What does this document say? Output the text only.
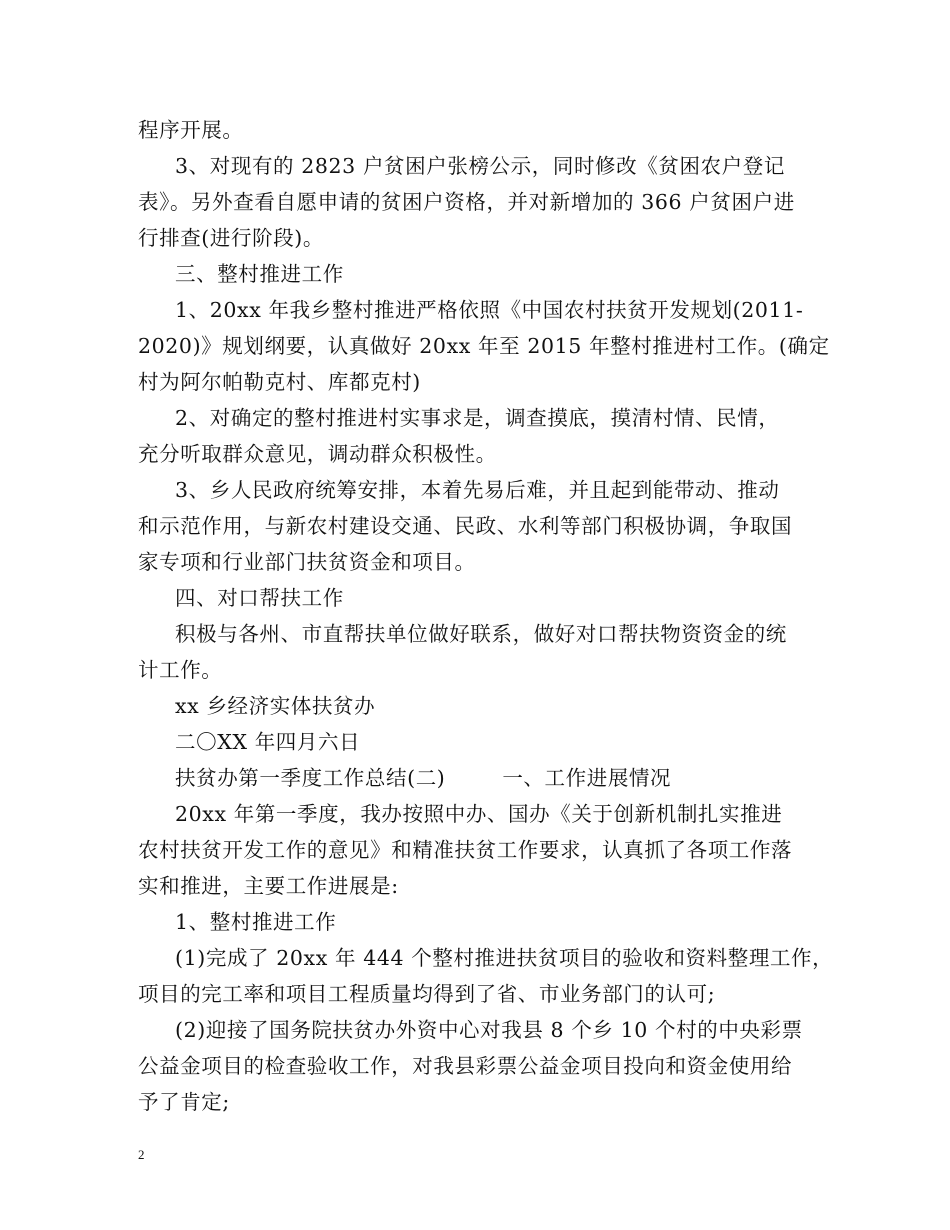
程序开展。
3、对现有的 2823 户贫困户张榜公示，同时修改《贫困农户登记
表》。另外查看自愿申请的贫困户资格，并对新增加的 366 户贫困户进
行排查(进行阶段)。
三、整村推进工作
1、20xx 年我乡整村推进严格依照《中国农村扶贫开发规划(2011-
2020)》规划纲要，认真做好 20xx 年至 2015 年整村推进村工作。(确定
村为阿尔帕勒克村、库都克村)
2、对确定的整村推进村实事求是，调查摸底，摸清村情、民情，
充分听取群众意见，调动群众积极性。
3、乡人民政府统筹安排，本着先易后难，并且起到能带动、推动
和示范作用，与新农村建设交通、民政、水利等部门积极协调，争取国
家专项和行业部门扶贫资金和项目。
四、对口帮扶工作
积极与各州、市直帮扶单位做好联系，做好对口帮扶物资资金的统
计工作。
xx 乡经济实体扶贫办
二〇XX 年四月六日
扶贫办第一季度工作总结(二)        一、工作进展情况
20xx 年第一季度，我办按照中办、国办《关于创新机制扎实推进
农村扶贫开发工作的意见》和精准扶贫工作要求，认真抓了各项工作落
实和推进，主要工作进展是:
1、整村推进工作
(1)完成了 20xx 年 444 个整村推进扶贫项目的验收和资料整理工作，
项目的完工率和项目工程质量均得到了省、市业务部门的认可;
(2)迎接了国务院扶贫办外资中心对我县 8 个乡 10 个村的中央彩票
公益金项目的检查验收工作，对我县彩票公益金项目投向和资金使用给
予了肯定;
2
